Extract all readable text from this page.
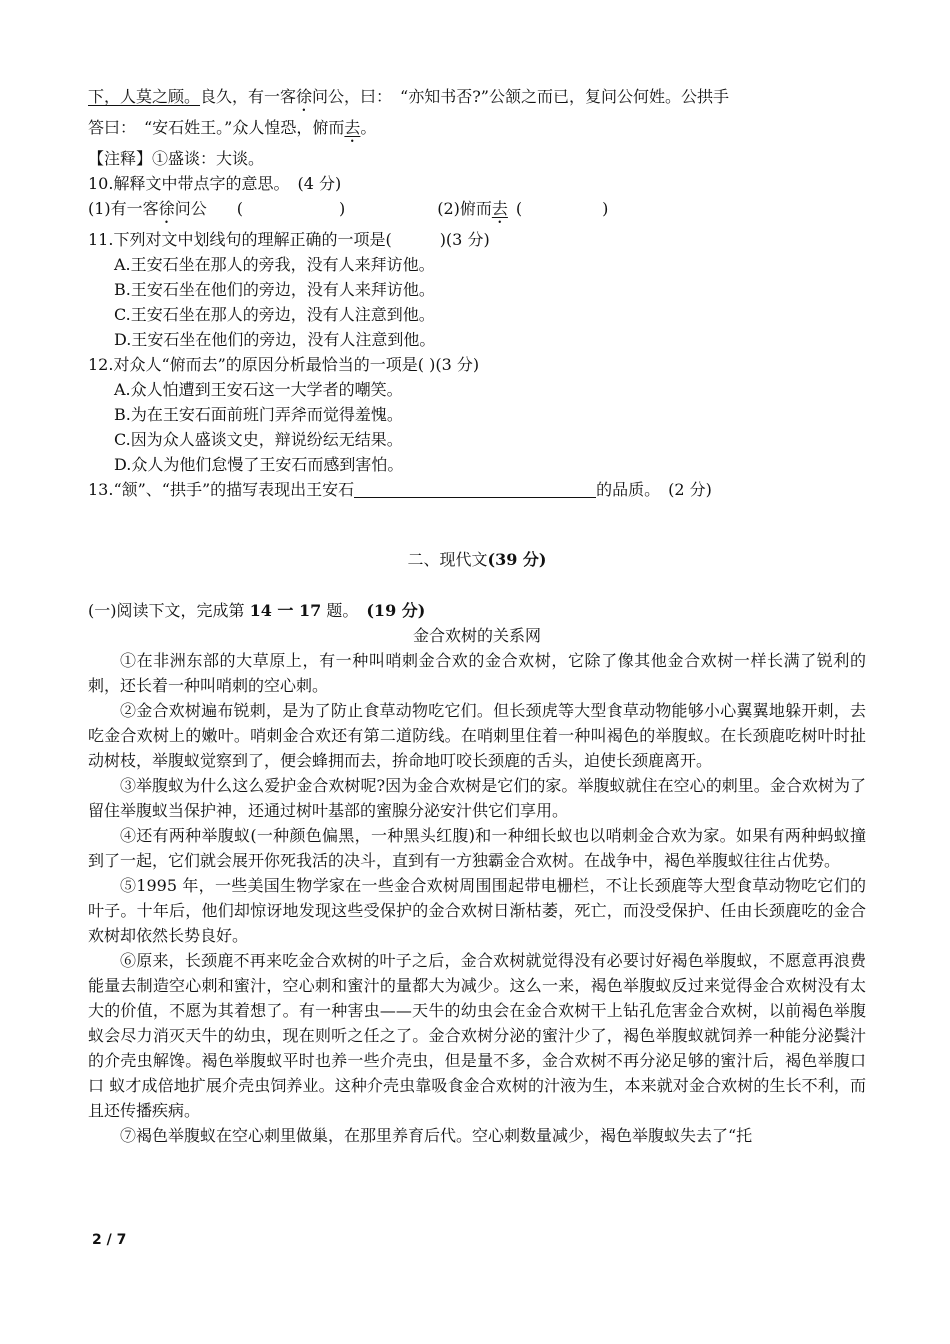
下，人莫之顾。良久，有一客徐问公，曰：　“亦知书否?”公颔之而已，复问公何姓。公拱手
答曰：　“安石姓王。”众人惶恐，俯而去。
【注释】①盛谈：大谈。
10.解释文中带点字的意思。　(4 分)
(1)有一客徐问公 (　　　　　　)	(2)俯而去 (　　　　　)
11.下列对文中划线句的理解正确的一项是(　　　)(3 分)
A.王安石坐在那人的旁我，没有人来拜访他。
B.王安石坐在他们的旁边，没有人来拜访他。
C.王安石坐在那人的旁边，没有人注意到他。
D.王安石坐在他们的旁边，没有人注意到他。
12.对众人“俯而去”的原因分析最恰当的一项是( )(3 分)
A.众人怕遭到王安石这一大学者的嘲笑。
B.为在王安石面前班门弄斧而觉得羞愧。
C.因为众人盛谈文史，辩说纷纭无结果。
D.众人为他们怠慢了王安石而感到害怕。
13.“颔”、“拱手”的描写表现出王安石	的品质。　(2 分)
二、现代文(39 分)
(一)阅读下文，完成第 14 一 17 题。　(19 分)
金合欢树的关系网
①在非洲东部的大草原上，有一种叫哨刺金合欢的金合欢树，它除了像其他金合欢树一样长满了锐利的刺，还长着一种叫哨刺的空心刺。
②金合欢树遍布锐刺，是为了防止食草动物吃它们。但长颈虎等大型食草动物能够小心翼翼地躲开刺，去吃金合欢树上的嫩叶。哨刺金合欢还有第二道防线。在哨刺里住着一种叫褐色的举腹蚁。在长颈鹿吃树叶时扯动树枝，举腹蚁觉察到了，便会蜂拥而去，拚命地叮咬长颈鹿的舌头，迫使长颈鹿离开。
③举腹蚁为什么这么爱护金合欢树呢?因为金合欢树是它们的家。举腹蚁就住在空心的刺里。金合欢树为了留住举腹蚁当保护神，还通过树叶基部的蜜腺分泌安汁供它们享用。
④还有两种举腹蚁(一种颜色偏黑，一种黑头红腹)和一种细长蚁也以哨刺金合欢为家。如果有两种蚂蚁撞到了一起，它们就会展开你死我活的决斗，直到有一方独霸金合欢树。在战争中，褐色举腹蚁往往占优势。
⑤1995 年，一些美国生物学家在一些金合欢树周围围起带电栅栏，不让长颈鹿等大型食草动物吃它们的叶子。十年后，他们却惊讶地发现这些受保护的金合欢树日渐枯萎，死亡，而没受保护、任由长颈鹿吃的金合欢树却依然长势良好。
⑥原来，长颈鹿不再来吃金合欢树的叶子之后，金合欢树就觉得没有必要讨好褐色举腹蚁，不愿意再浪费能量去制造空心刺和蜜汁，空心刺和蜜汁的量都大为减少。这么一来，褐色举腹蚁反过来觉得金合欢树没有太大的价值，不愿为其着想了。有一种害虫——天牛的幼虫会在金合欢树干上钻孔危害金合欢树，以前褐色举腹蚁会尽力消灭天牛的幼虫，现在则听之任之了。金合欢树分泌的蜜汁少了，褐色举腹蚁就饲养一种能分泌鬓汁的介壳虫解馋。褐色举腹蚁平时也养一些介壳虫，但是量不多，金合欢树不再分泌足够的蜜汁后，褐色举腹口口 蚁才成倍地扩展介壳虫饲养业。这种介壳虫靠吸食金合欢树的汁液为生，本来就对金合欢树的生长不利，而且还传播疾病。
⑦褐色举腹蚁在空心刺里做巢，在那里养育后代。空心刺数量减少，褐色举腹蚁失去了“托
2 / 7
